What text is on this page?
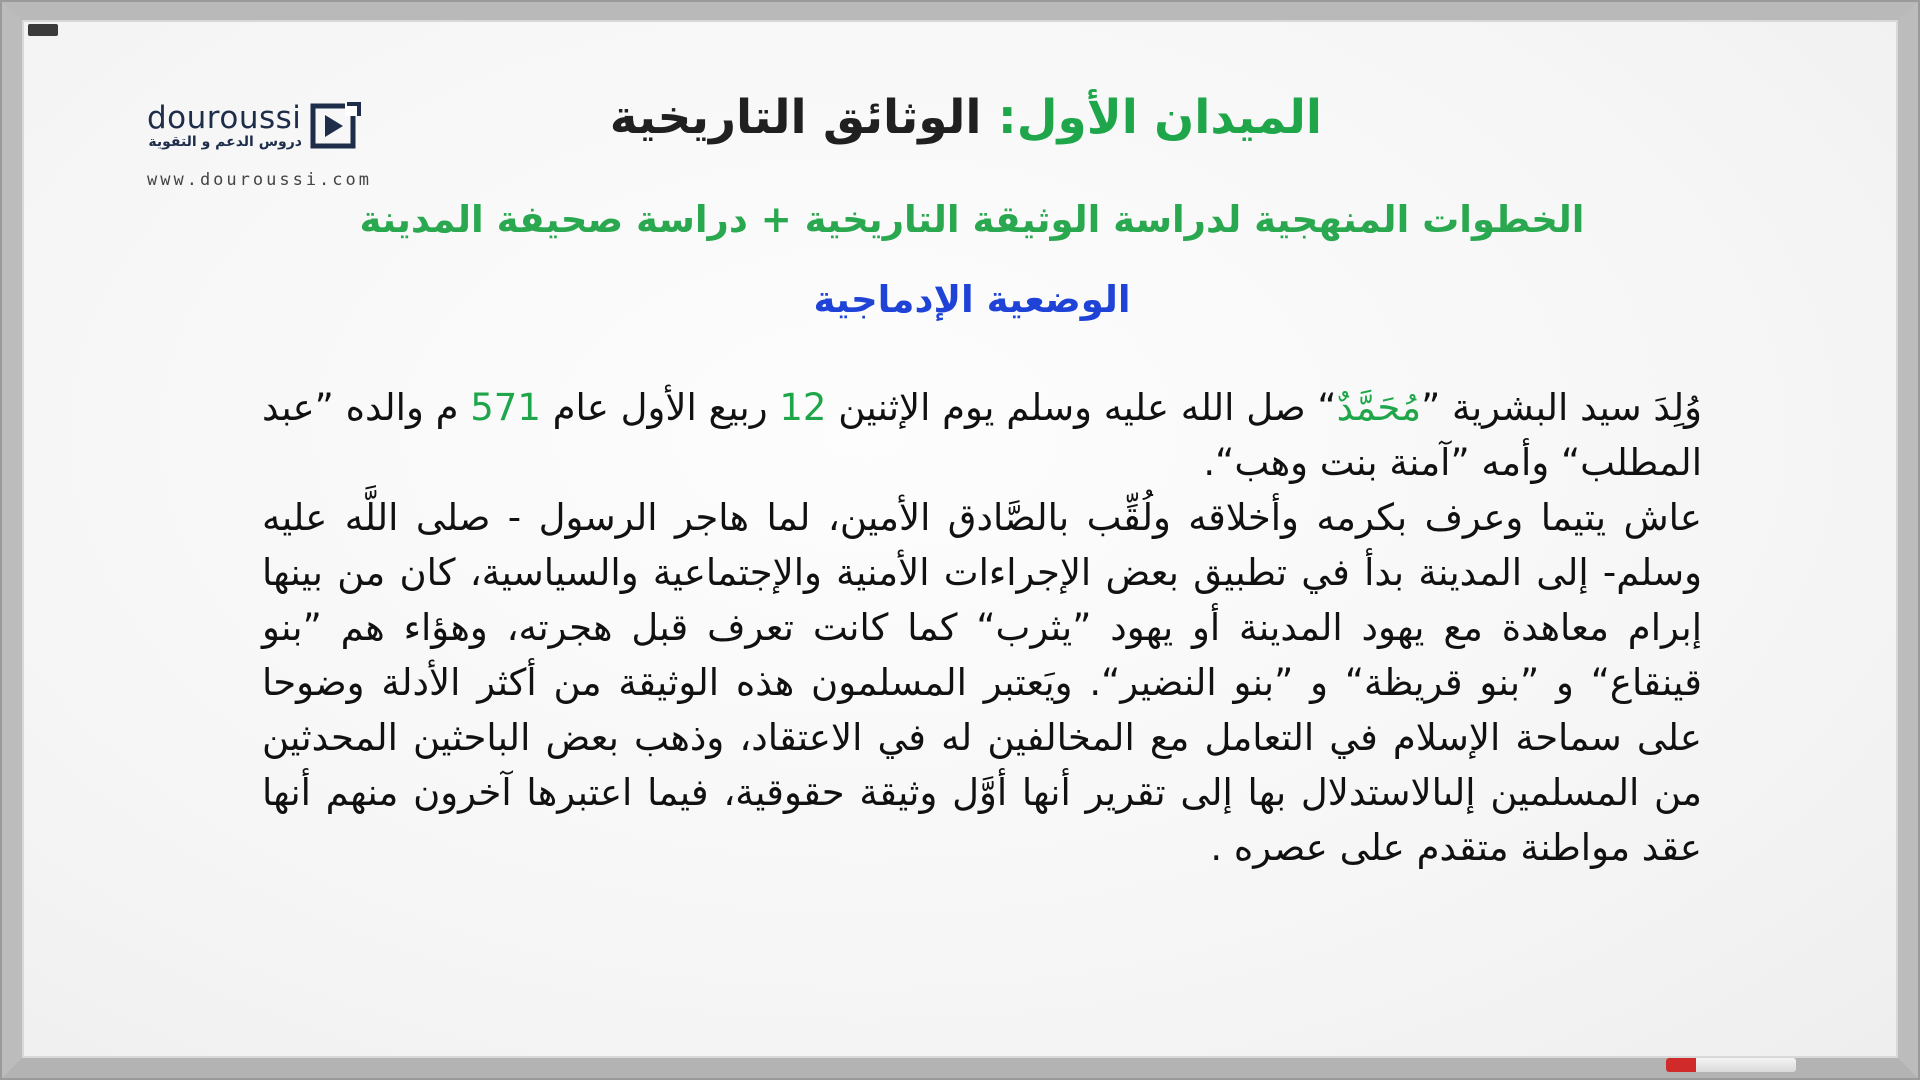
douroussi
دروس الدعم و التقوية
www.douroussi.com
الميدان الأول: الوثائق التاريخية
الخطوات المنهجية لدراسة الوثيقة التاريخية + دراسة صحيفة المدينة
الوضعية الإدماجية

وُلِدَ سيد البشرية ”مُحَمَّدٌ“ صل الله عليه وسلم يوم الإثنين 12 ربيع الأول عام 571 م والده ”عبد المطلب“ وأمه ”آمنة بنت وهب“.

عاش يتيما وعرف بكرمه وأخلاقه ولُقِّب بالصَّادق الأمين، لما هاجر الرسول - صلى اللَّه عليه وسلم- إلى المدينة بدأ في تطبيق بعض الإجراءات الأمنية والإجتماعية والسياسية، كان من بينها إبرام معاهدة مع يهود المدينة أو يهود ”يثرب“ كما كانت تعرف قبل هجرته، وهؤاء هم ”بنو قينقاع“ و ”بنو قريظة“ و ”بنو النضير“. ويَعتبر المسلمون هذه الوثيقة من أكثر الأدلة وضوحا على سماحة الإسلام في التعامل مع المخالفين له في الاعتقاد، وذهب بعض الباحثين المحدثين من المسلمين إلىالاستدلال بها إلى تقرير أنها أوَّل وثيقة حقوقية، فيما اعتبرها آخرون منهم أنها عقد مواطنة متقدم على عصره .
